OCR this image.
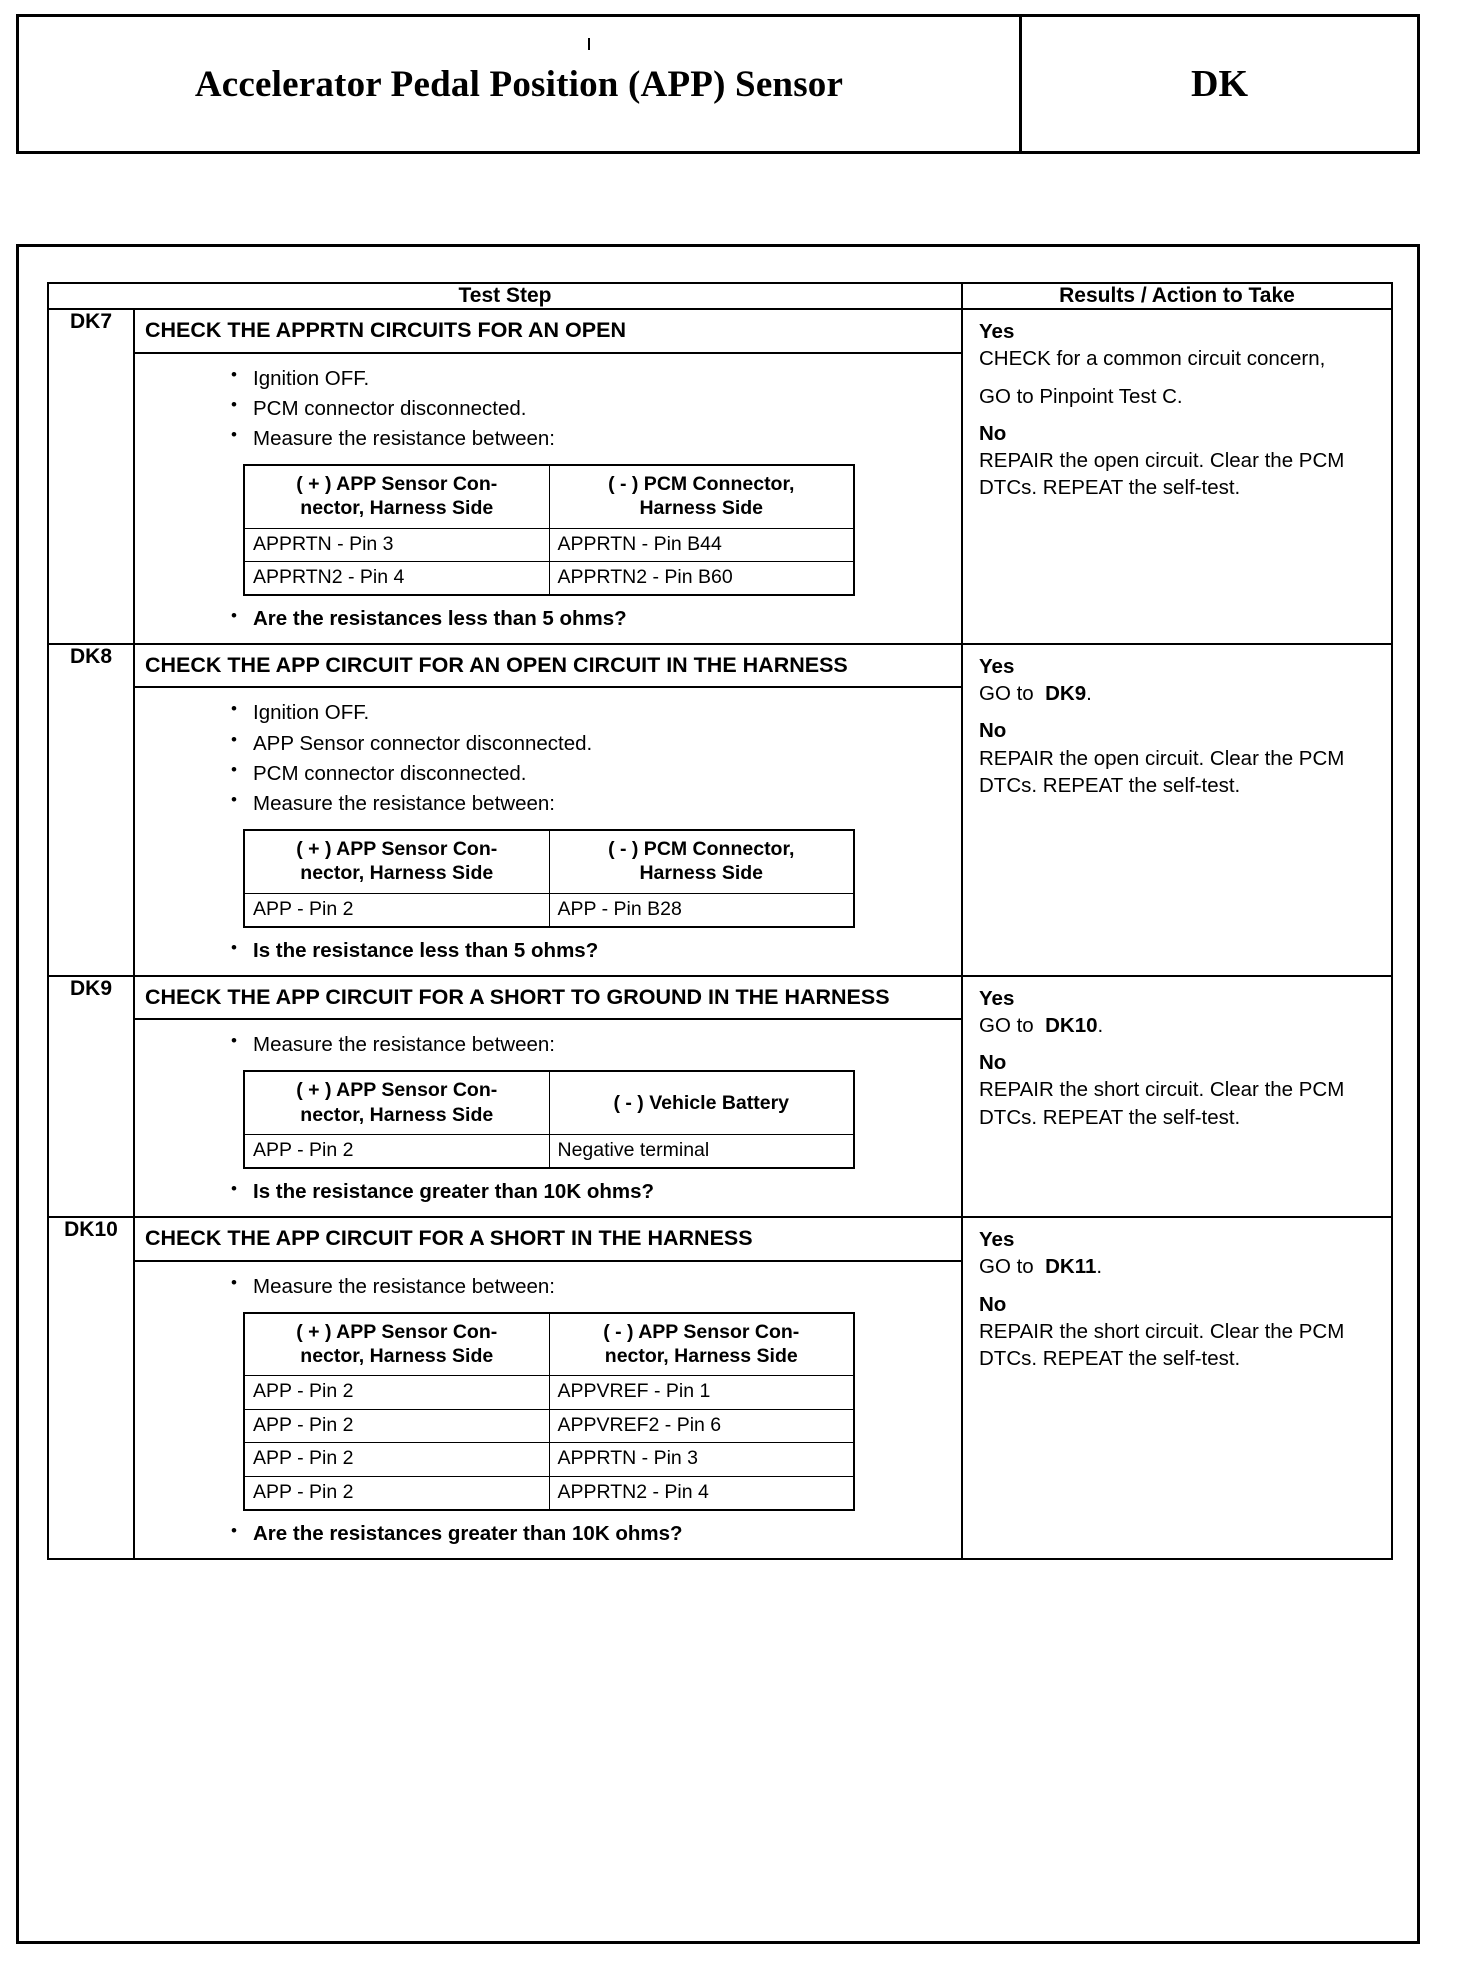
Accelerator Pedal Position (APP) Sensor	DK
Test Step	Results / Action to Take
DK7	CHECK THE APPRTN CIRCUITS FOR AN OPEN
• Ignition OFF.
• PCM connector disconnected.
• Measure the resistance between:
( + ) APP Sensor Con-
nector, Harness Side	( - ) PCM Connector,
Harness Side
APPRTN - Pin 3	APPRTN - Pin B44
APPRTN2 - Pin 4	APPRTN2 - Pin B60
• Are the resistances less than 5 ohms?

Yes
CHECK for a common circuit concern,
GO to Pinpoint Test C.
No
REPAIR the open circuit. Clear the PCM DTCs. REPEAT the self-test.

DK8	CHECK THE APP CIRCUIT FOR AN OPEN CIRCUIT IN THE HARNESS
• Ignition OFF.
• APP Sensor connector disconnected.
• PCM connector disconnected.
• Measure the resistance between:
( + ) APP Sensor Con-
nector, Harness Side	( - ) PCM Connector,
Harness Side
APP - Pin 2	APP - Pin B28
• Is the resistance less than 5 ohms?

Yes
GO to DK9.
No
REPAIR the open circuit. Clear the PCM DTCs. REPEAT the self-test.

DK9	CHECK THE APP CIRCUIT FOR A SHORT TO GROUND IN THE HARNESS
• Measure the resistance between:
( + ) APP Sensor Con-
nector, Harness Side	( - ) Vehicle Battery
APP - Pin 2	Negative terminal
• Is the resistance greater than 10K ohms?

Yes
GO to DK10.
No
REPAIR the short circuit. Clear the PCM DTCs. REPEAT the self-test.

DK10	CHECK THE APP CIRCUIT FOR A SHORT IN THE HARNESS
• Measure the resistance between:
( + ) APP Sensor Con-
nector, Harness Side	( - ) APP Sensor Con-
nector, Harness Side
APP - Pin 2	APPVREF - Pin 1
APP - Pin 2	APPVREF2 - Pin 6
APP - Pin 2	APPRTN - Pin 3
APP - Pin 2	APPRTN2 - Pin 4
• Are the resistances greater than 10K ohms?

Yes
GO to DK11.
No
REPAIR the short circuit. Clear the PCM DTCs. REPEAT the self-test.
